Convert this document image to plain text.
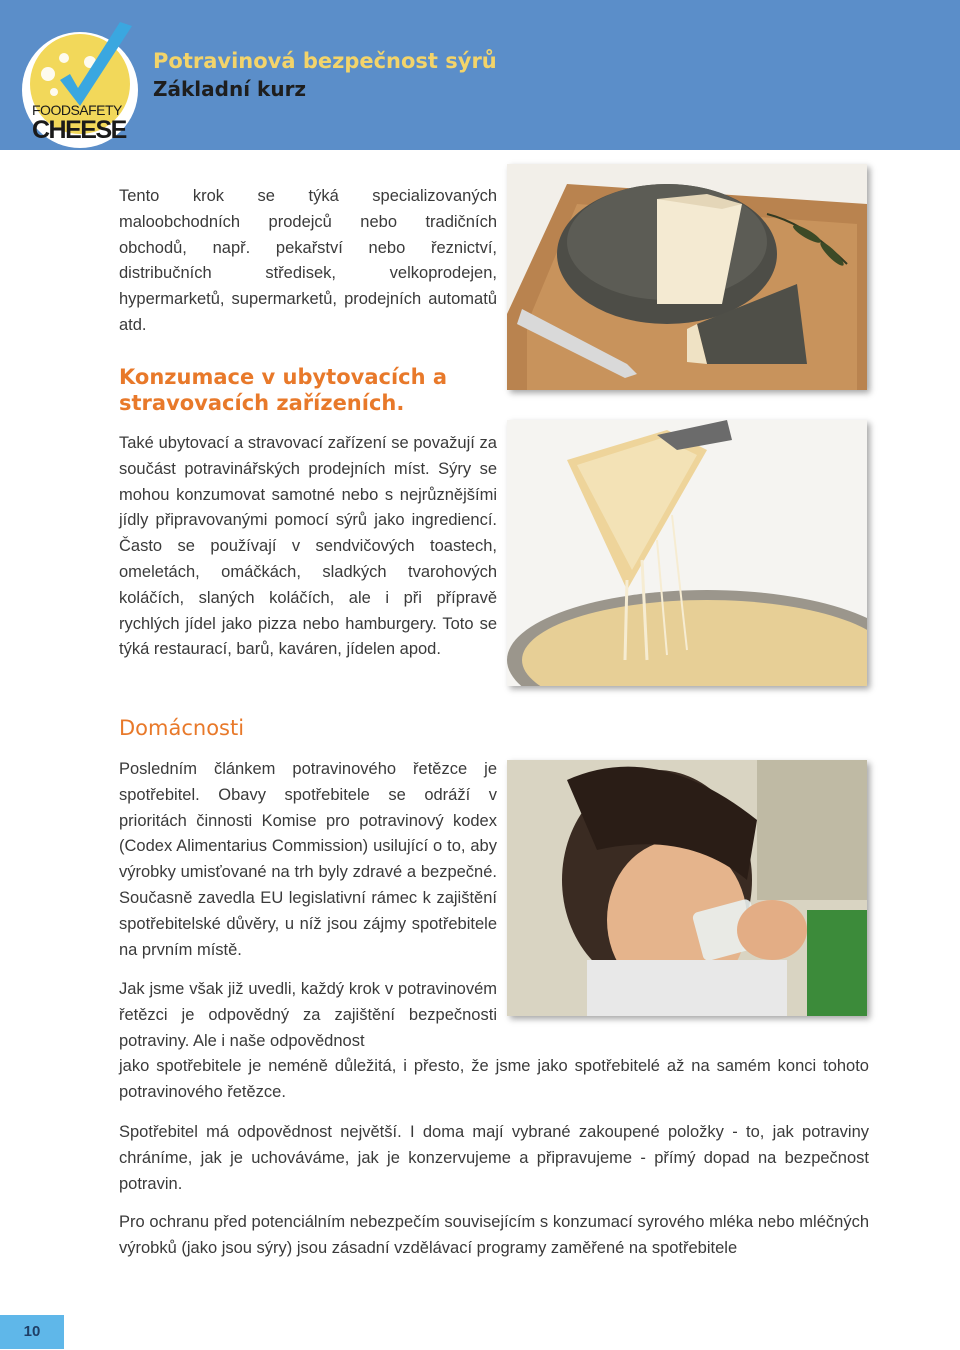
FOODSAFETY
CHEESE

Potravinová bezpečnost sýrů

Základní kurz

Tento krok se týká specializovaných maloobchodních prodejců nebo tradičních obchodů, např. pekařství nebo řeznictví, distribučních středisek, velkoprodejen, hypermarketů, supermarketů, prodejních automatů atd.

Konzumace v ubytovacích a stravovacích zařízeních.

Také ubytovací a stravovací zařízení se považují za součást potravinářských prodejních míst. Sýry se mohou konzumovat samotné nebo s nejrůznějšími jídly připravovanými pomocí sýrů jako ingrediencí. Často se používají v sendvičových toastech, omeletách, omáčkách, sladkých tvarohových koláčích, slaných koláčích, ale i při přípravě rychlých jídel jako pizza nebo hamburgery. Toto se týká restaurací, barů, kaváren, jídelen apod.

Domácnosti

Posledním článkem potravinového řetězce je spotřebitel. Obavy spotřebitele se odráží v prioritách činnosti Komise pro potravinový kodex (Codex Alimentarius Commission) usilující o to, aby výrobky umisťované na trh byly zdravé a bezpečné. Současně zavedla EU legislativní rámec k zajištění spotřebitelské důvěry, u níž jsou zájmy spotřebitele na prvním místě.

Jak jsme však již uvedli, každý krok v potravinovém řetězci je odpovědný za zajištění bezpečnosti potraviny. Ale i naše odpovědnost

jako spotřebitele je neméně důležitá, i přesto, že jsme jako spotřebitelé až na samém konci tohoto potravinového řetězce.

Spotřebitel má odpovědnost největší. I doma mají vybrané zakoupené položky - to, jak potraviny chráníme, jak je uchováváme, jak je konzervujeme a připravujeme - přímý dopad na bezpečnost potravin.

Pro ochranu před potenciálním nebezpečím souvisejícím s konzumací syrového mléka nebo mléčných výrobků (jako jsou sýry) jsou zásadní vzdělávací programy zaměřené na spotřebitele

10
